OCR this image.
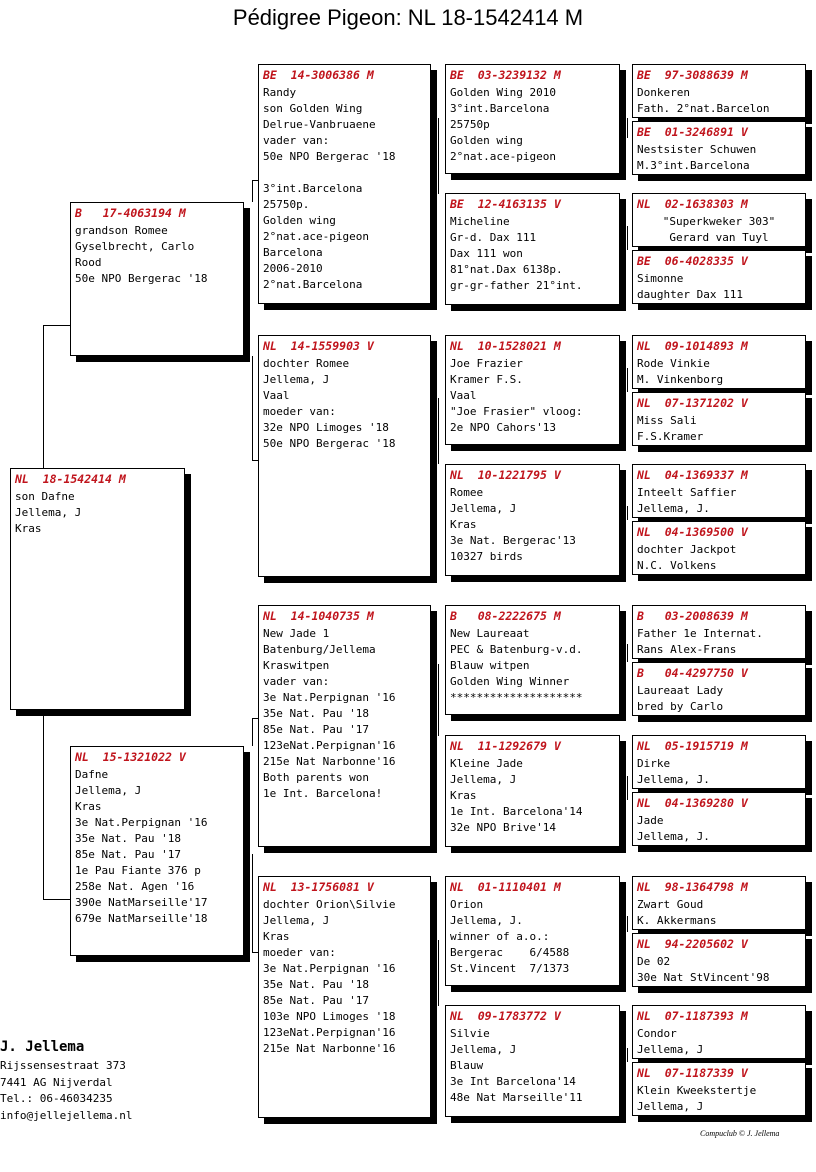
Pédigree Pigeon: NL 18-1542414 M
NL  18-1542414 M
son Dafne
Jellema, J
Kras
B   17-4063194 M
grandson Romee
Gyselbrecht, Carlo
Rood
50e NPO Bergerac '18
NL  15-1321022 V
Dafne
Jellema, J
Kras
3e Nat.Perpignan '16
35e Nat. Pau '18
85e Nat. Pau '17
1e Pau Fiante 376 p
258e Nat. Agen '16
390e NatMarseille'17
679e NatMarseille'18
BE  14-3006386 M
Randy
son Golden Wing
Delrue-Vanbruaene
vader van:
50e NPO Bergerac '18
3°int.Barcelona
25750p.
Golden wing
2°nat.ace-pigeon
Barcelona
2006-2010
2°nat.Barcelona
NL  14-1559903 V
dochter Romee
Jellema, J
Vaal
moeder van:
32e NPO Limoges '18
50e NPO Bergerac '18
NL  14-1040735 M
New Jade 1
Batenburg/Jellema
Kraswitpen
vader van:
3e Nat.Perpignan '16
35e Nat. Pau '18
85e Nat. Pau '17
123eNat.Perpignan'16
215e Nat Narbonne'16
Both parents won
1e Int. Barcelona!
NL  13-1756081 V
dochter Orion\Silvie
Jellema, J
Kras
moeder van:
3e Nat.Perpignan '16
35e Nat. Pau '18
85e Nat. Pau '17
103e NPO Limoges '18
123eNat.Perpignan'16
215e Nat Narbonne'16
BE  03-3239132 M
Golden Wing 2010
3°int.Barcelona
25750p
Golden wing
2°nat.ace-pigeon
BE  12-4163135 V
Micheline
Gr-d. Dax 111
Dax 111 won
81°nat.Dax 6138p.
gr-gr-father 21°int.
NL  10-1528021 M
Joe Frazier
Kramer F.S.
Vaal
"Joe Frasier" vloog:
2e NPO Cahors'13
NL  10-1221795 V
Romee
Jellema, J
Kras
3e Nat. Bergerac'13
10327 birds
B   08-2222675 M
New Laureaat
PEC & Batenburg-v.d.
Blauw witpen
Golden Wing Winner
********************
NL  11-1292679 V
Kleine Jade
Jellema, J
Kras
1e Int. Barcelona'14
32e NPO Brive'14
NL  01-1110401 M
Orion
Jellema, J.
winner of a.o.:
Bergerac    6/4588
St.Vincent  7/1373
NL  09-1783772 V
Silvie
Jellema, J
Blauw
3e Int Barcelona'14
48e Nat Marseille'11
BE  97-3088639 M
Donkeren
Fath. 2°nat.Barcelon
BE  01-3246891 V
Nestsister Schuwen
M.3°int.Barcelona
NL  02-1638303 M
"Superkweker 303"
Gerard van Tuyl
BE  06-4028335 V
Simonne
daughter Dax 111
NL  09-1014893 M
Rode Vinkie
M. Vinkenborg
NL  07-1371202 V
Miss Sali
F.S.Kramer
NL  04-1369337 M
Inteelt Saffier
Jellema, J.
NL  04-1369500 V
dochter Jackpot
N.C. Volkens
B   03-2008639 M
Father 1e Internat.
Rans Alex-Frans
B   04-4297750 V
Laureaat Lady
bred by Carlo
NL  05-1915719 M
Dirke
Jellema, J.
NL  04-1369280 V
Jade
Jellema, J.
NL  98-1364798 M
Zwart Goud
K. Akkermans
NL  94-2205602 V
De 02
30e Nat StVincent'98
NL  07-1187393 M
Condor
Jellema, J
NL  07-1187339 V
Klein Kweekstertje
Jellema, J
J. Jellema
Rijssensestraat 373
7441 AG Nijverdal
Tel.: 06-46034235
info@jellejellema.nl
Compuclub © J. Jellema
